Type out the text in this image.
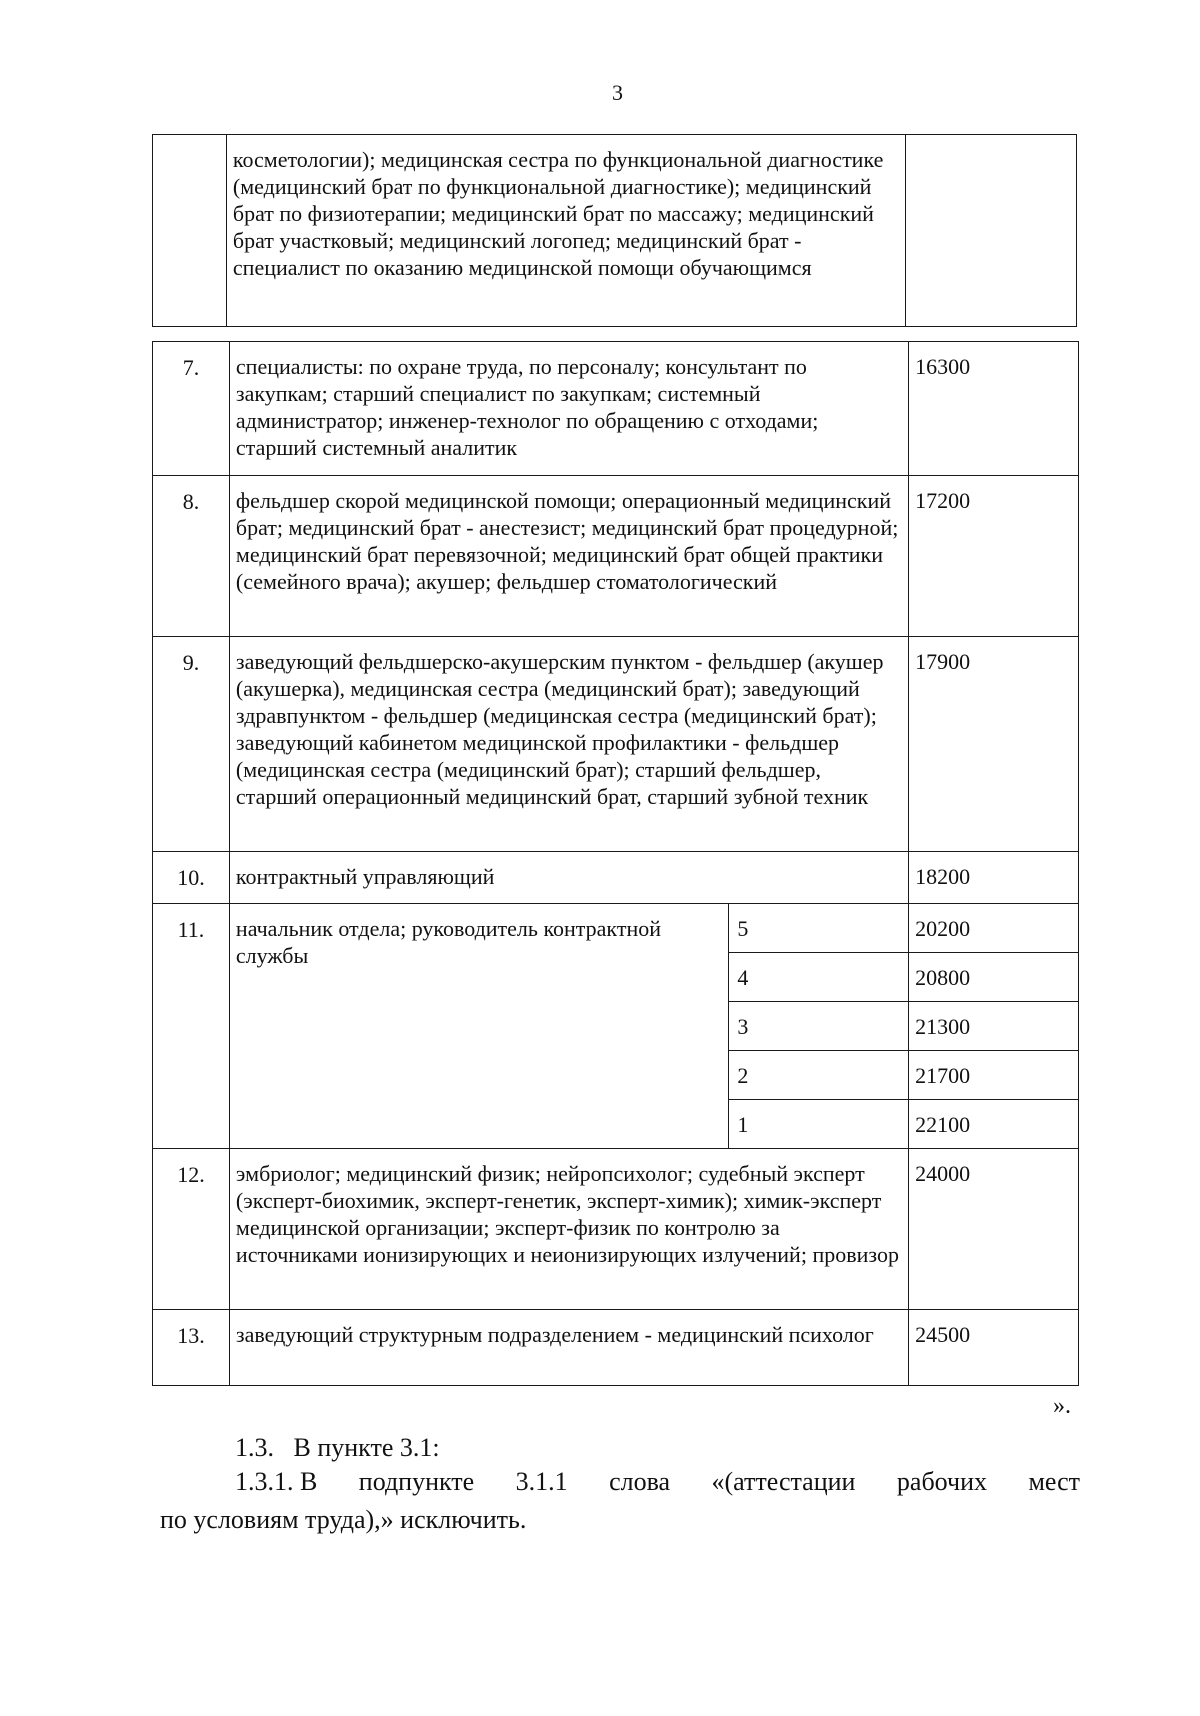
3
	косметологии); медицинская сестра по функциональной диагностике (медицинский брат по функциональной диагностике); медицинский брат по физиотерапии; медицинский брат по массажу; медицинский брат участковый; медицинский логопед; медицинский брат - специалист по оказанию медицинской помощи обучающимся	
7.	специалисты: по охране труда, по персоналу; консультант по закупкам; старший специалист по закупкам; системный администратор; инженер-технолог по обращению с отходами; старший системный аналитик		16300
8.	фельдшер скорой медицинской помощи; операционный медицинский брат; медицинский брат - анестезист; медицинский брат процедурной; медицинский брат перевязочной; медицинский брат общей практики (семейного врача); акушер; фельдшер стоматологический		17200
9.	заведующий фельдшерско-акушерским пунктом - фельдшер (акушер (акушерка), медицинская сестра (медицинский брат); заведующий здравпунктом - фельдшер (медицинская сестра (медицинский брат); заведующий кабинетом медицинской профилактики - фельдшер (медицинская сестра (медицинский брат); старший фельдшер, старший операционный медицинский брат, старший зубной техник		17900
10.	контрактный управляющий		18200
11.	начальник отдела; руководитель контрактной службы	5	20200
		4	20800
		3	21300
		2	21700
		1	22100
12.	эмбриолог; медицинский физик; нейропсихолог; судебный эксперт (эксперт-биохимик, эксперт-генетик, эксперт-химик); химик-эксперт медицинской организации; эксперт-физик по контролю за источниками ионизирующих и неионизирующих излучений; провизор		24000
13.	заведующий структурным подразделением - медицинский психолог		24500
».
1.3.   В пункте 3.1:
1.3.1. В подпункте 3.1.1 слова «(аттестации рабочих мест
по условиям труда),» исключить.
